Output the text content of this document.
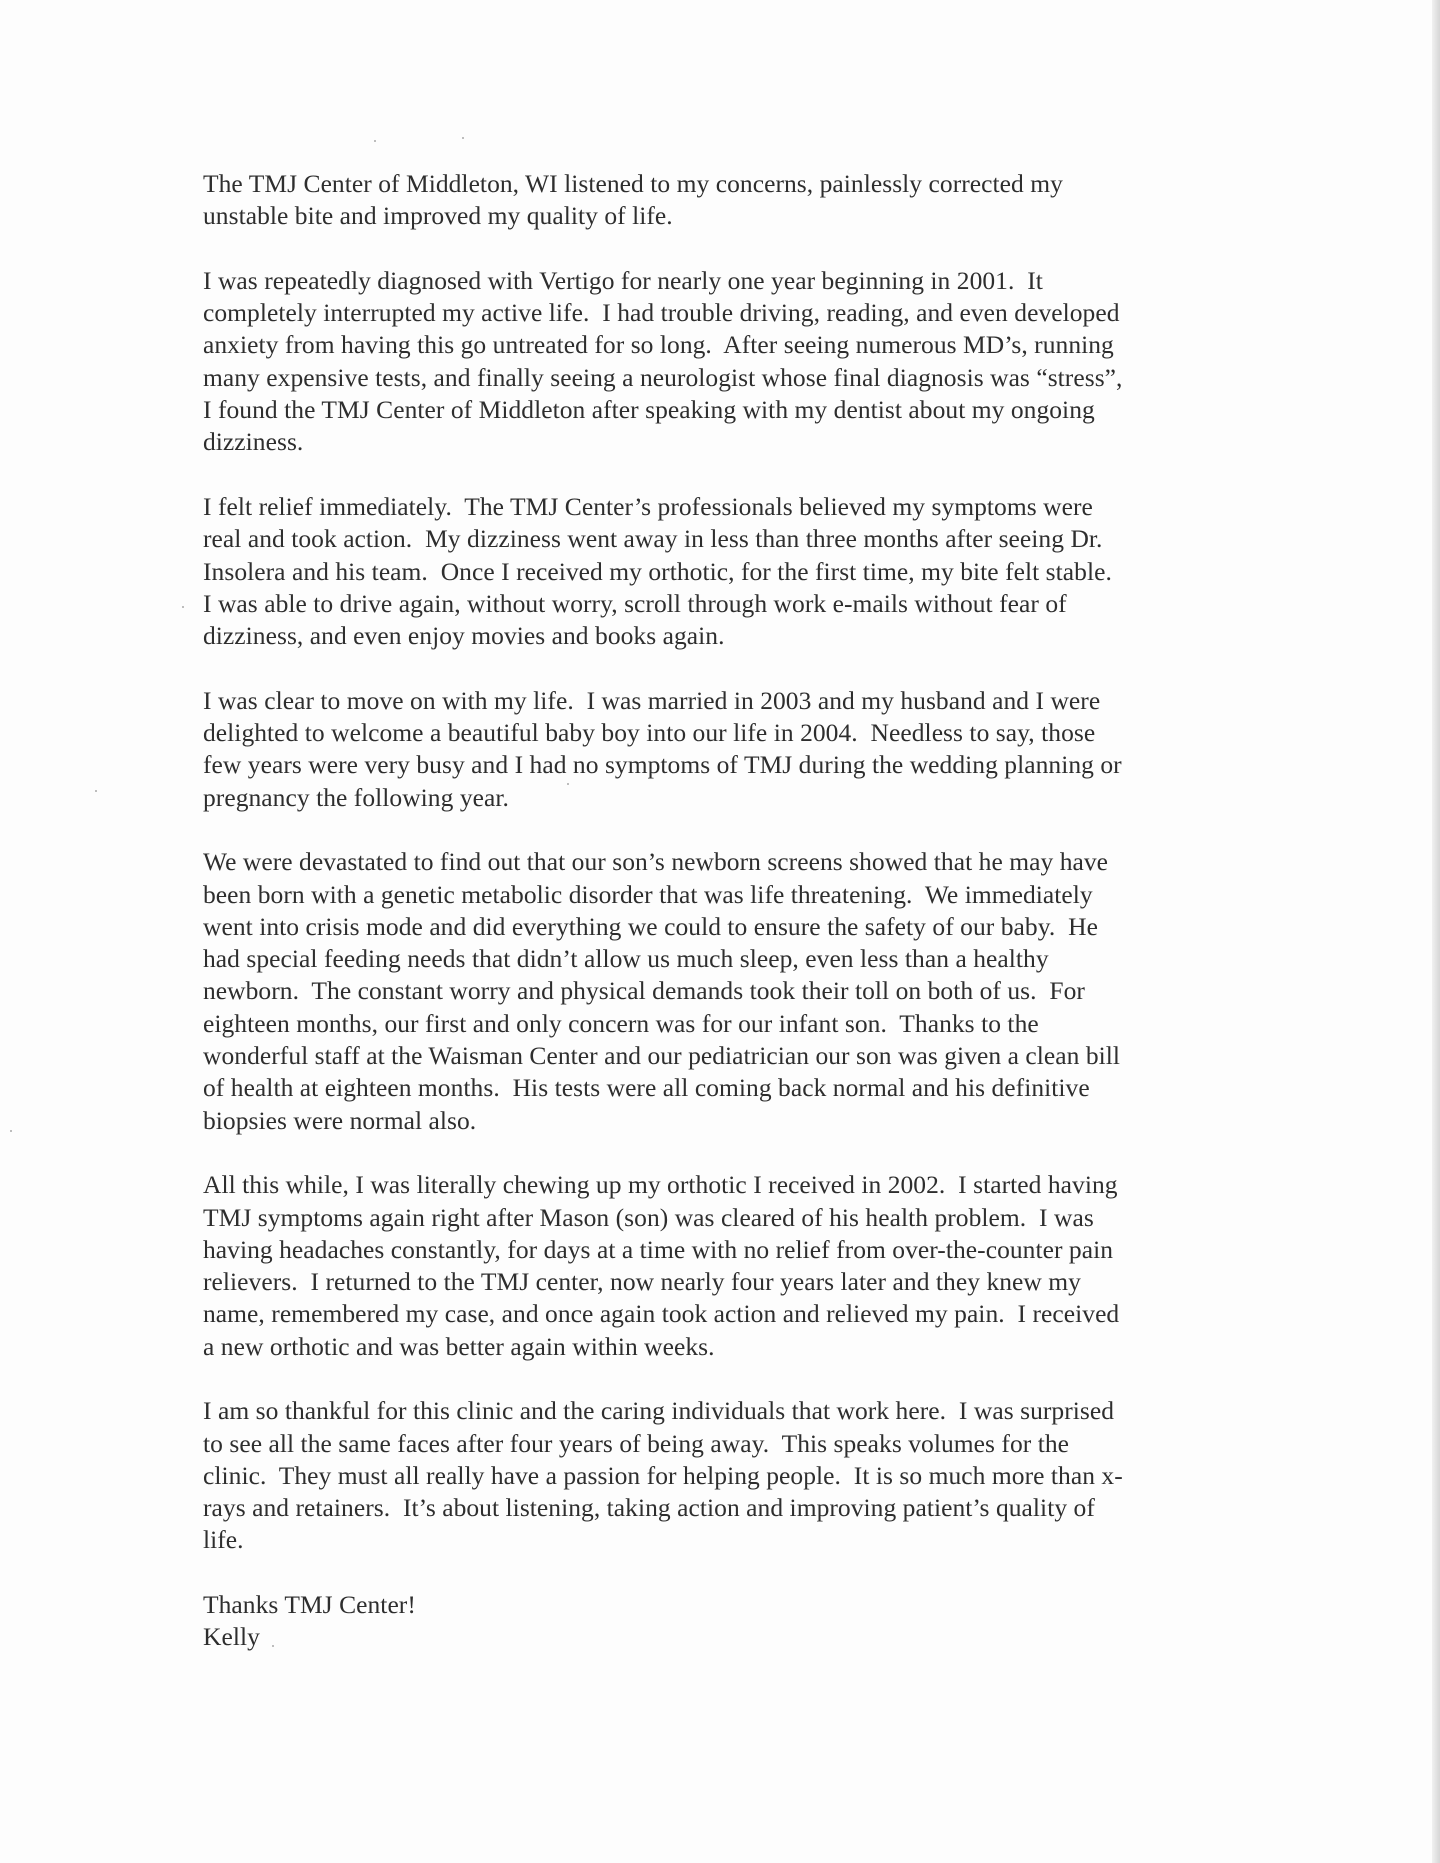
The TMJ Center of Middleton, WI listened to my concerns, painlessly corrected my
unstable bite and improved my quality of life.

I was repeatedly diagnosed with Vertigo for nearly one year beginning in 2001.  It
completely interrupted my active life.  I had trouble driving, reading, and even developed
anxiety from having this go untreated for so long.  After seeing numerous MD’s, running
many expensive tests, and finally seeing a neurologist whose final diagnosis was “stress”,
I found the TMJ Center of Middleton after speaking with my dentist about my ongoing
dizziness.

I felt relief immediately.  The TMJ Center’s professionals believed my symptoms were
real and took action.  My dizziness went away in less than three months after seeing Dr.
Insolera and his team.  Once I received my orthotic, for the first time, my bite felt stable.
I was able to drive again, without worry, scroll through work e-mails without fear of
dizziness, and even enjoy movies and books again.

I was clear to move on with my life.  I was married in 2003 and my husband and I were
delighted to welcome a beautiful baby boy into our life in 2004.  Needless to say, those
few years were very busy and I had no symptoms of TMJ during the wedding planning or
pregnancy the following year.

We were devastated to find out that our son’s newborn screens showed that he may have
been born with a genetic metabolic disorder that was life threatening.  We immediately
went into crisis mode and did everything we could to ensure the safety of our baby.  He
had special feeding needs that didn’t allow us much sleep, even less than a healthy
newborn.  The constant worry and physical demands took their toll on both of us.  For
eighteen months, our first and only concern was for our infant son.  Thanks to the
wonderful staff at the Waisman Center and our pediatrician our son was given a clean bill
of health at eighteen months.  His tests were all coming back normal and his definitive
biopsies were normal also.

All this while, I was literally chewing up my orthotic I received in 2002.  I started having
TMJ symptoms again right after Mason (son) was cleared of his health problem.  I was
having headaches constantly, for days at a time with no relief from over-the-counter pain
relievers.  I returned to the TMJ center, now nearly four years later and they knew my
name, remembered my case, and once again took action and relieved my pain.  I received
a new orthotic and was better again within weeks.

I am so thankful for this clinic and the caring individuals that work here.  I was surprised
to see all the same faces after four years of being away.  This speaks volumes for the
clinic.  They must all really have a passion for helping people.  It is so much more than x-
rays and retainers.  It’s about listening, taking action and improving patient’s quality of
life.

Thanks TMJ Center!
Kelly
